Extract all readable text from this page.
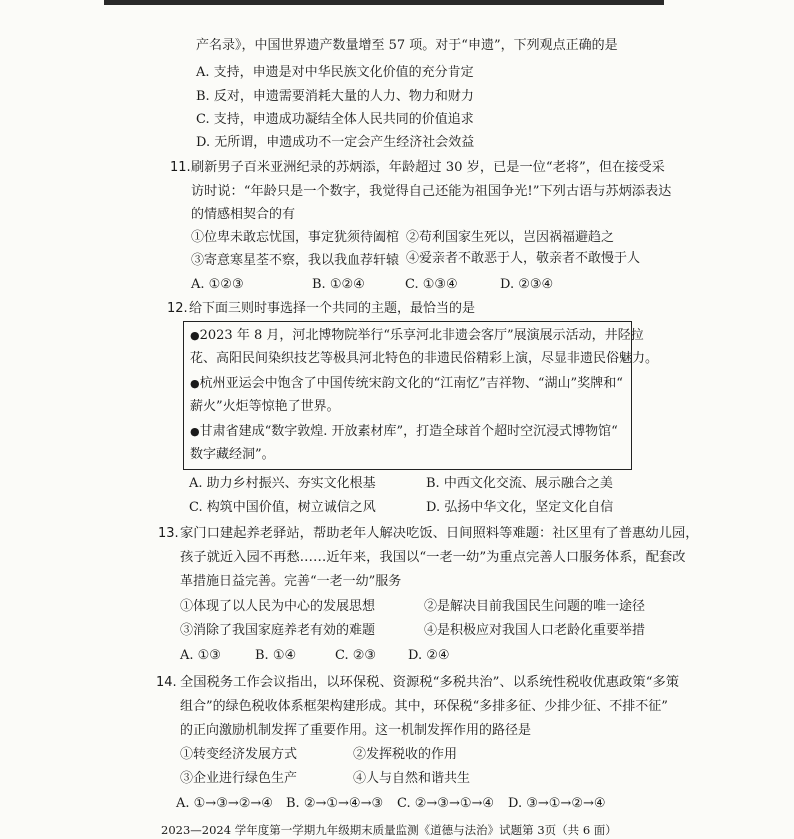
产名录》，中国世界遗产数量增至 57 项。对于“申遗”，下列观点正确的是
A. 支持，申遗是对中华民族文化价值的充分肯定
B. 反对，申遗需要消耗大量的人力、物力和财力
C. 支持，申遗成功凝结全体人民共同的价值追求
D. 无所谓，申遗成功不一定会产生经济社会效益
11. 刷新男子百米亚洲纪录的苏炳添，年龄超过 30 岁，已是一位“老将”，但在接受采
访时说：“年龄只是一个数字，我觉得自己还能为祖国争光!”下列古语与苏炳添表达
的情感相契合的有
①位卑未敢忘忧国，事定犹须待阖棺 ②苟利国家生死以，岂因祸福避趋之
③寄意寒星荃不察，我以我血荐轩辕 ④爱亲者不敢恶于人，敬亲者不敢慢于人
A. ①②③	B. ①②④	C. ①③④	D. ②③④
12. 给下面三则时事选择一个共同的主题，最恰当的是
●2023 年 8 月，河北博物院举行“乐享河北非遗会客厅”展演展示活动，井陉拉
花、高阳民间染织技艺等极具河北特色的非遗民俗精彩上演，尽显非遗民俗魅力。
●杭州亚运会中饱含了中国传统宋韵文化的“江南忆”吉祥物、“湖山”奖牌和“
薪火”火炬等惊艳了世界。
●甘肃省建成“数字敦煌. 开放素材库”，打造全球首个超时空沉浸式博物馆“
数字藏经洞”。
A. 助力乡村振兴、夯实文化根基	B. 中西文化交流、展示融合之美
C. 构筑中国价值，树立诚信之风	D. 弘扬中华文化，坚定文化自信
13. 家门口建起养老驿站，帮助老年人解决吃饭、日间照料等难题：社区里有了普惠幼儿园，
孩子就近入园不再愁……近年来，我国以“一老一幼”为重点完善人口服务体系，配套改
革措施日益完善。完善“一老一幼”服务
①体现了以人民为中心的发展思想	②是解决目前我国民生问题的唯一途径
③消除了我国家庭养老有効的难题	④是积极应对我国人口老龄化重要举措
A. ①③	B. ①④	C. ②③ D. ②④
14. 全国税务工作会议指出，以环保税、资源税“多税共治”、以系统性税收优惠政策“多策
组合”的绿色税收体系框架构建形成。其中，环保税“多排多征、少排少征、不排不征”
的正向激励机制发挥了重要作用。这一机制发挥作用的路径是
①转变经济发展方式	②发挥税收的作用
③企业进行绿色生产	④人与自然和谐共生
A. ①→③→②→④ B. ②→①→④→③ C. ②→③→①→④ D. ③→①→②→④
2023—2024 学年度第一学期九年级期末质量监测《道德与法治》试题第 3页（共 6 面）
